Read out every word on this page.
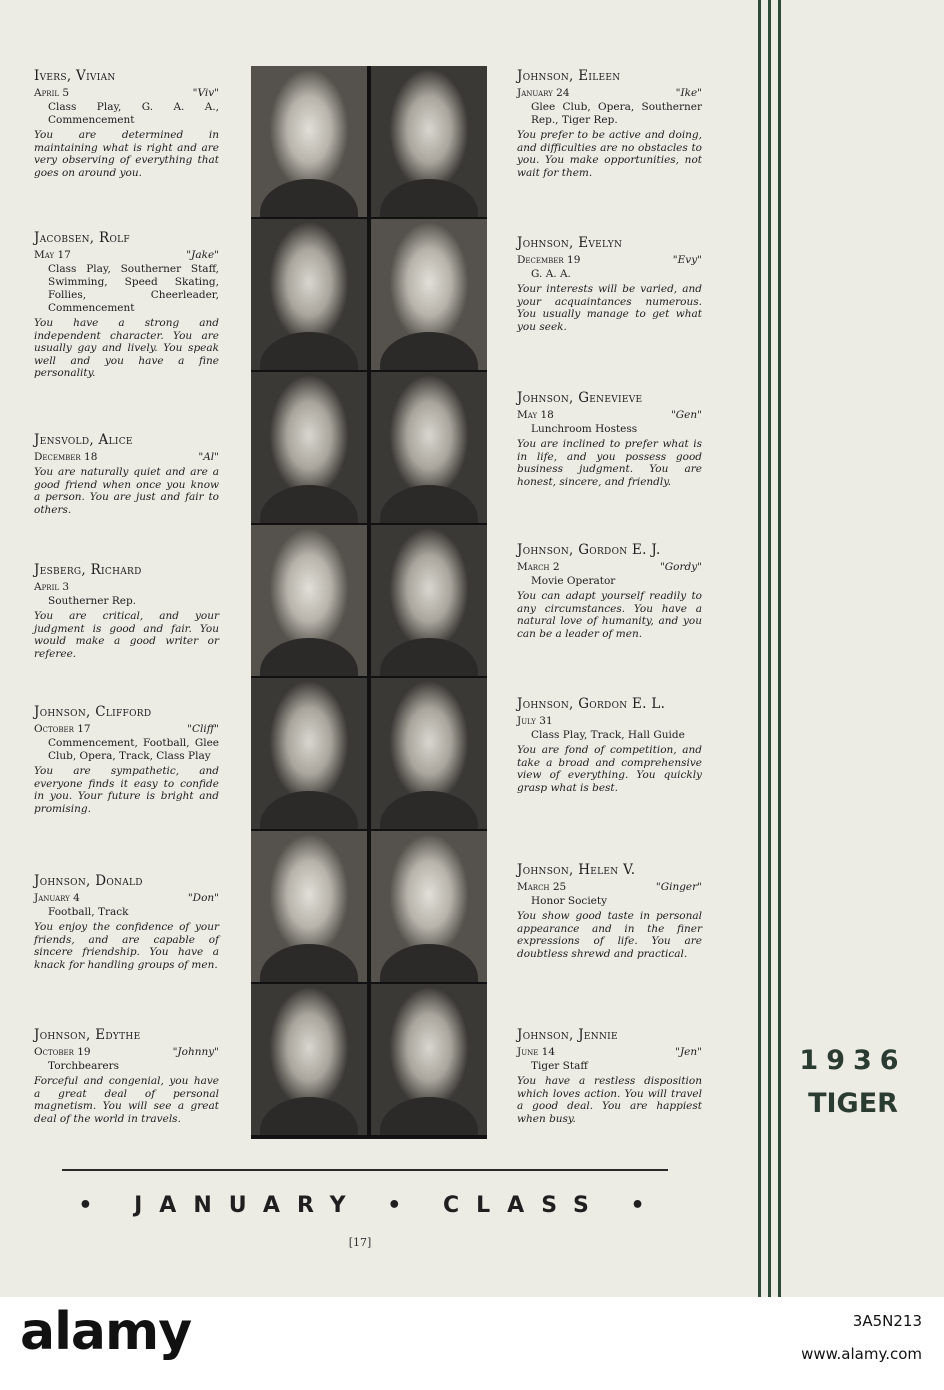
Ivers, Vivian
April 5	"Viv"
Class Play, G. A. A., Commencement
You are determined in maintaining what is right and are very observing of everything that goes on around you.
Jacobsen, Rolf
May 17	"Jake"
Class Play, Southerner Staff, Swimming, Speed Skating, Follies, Cheerleader, Commencement
You have a strong and independent character. You are usually gay and lively. You speak well and you have a fine personality.
Jensvold, Alice
December 18	"Al"
You are naturally quiet and are a good friend when once you know a person. You are just and fair to others.
Jesberg, Richard
April 3
Southerner Rep.
You are critical, and your judgment is good and fair. You would make a good writer or referee.
Johnson, Clifford
October 17	"Cliff"
Commencement, Football, Glee Club, Opera, Track, Class Play
You are sympathetic, and everyone finds it easy to confide in you. Your future is bright and promising.
Johnson, Donald
January 4	"Don"
Football, Track
You enjoy the confidence of your friends, and are capable of sincere friendship. You have a knack for handling groups of men.
Johnson, Edythe
October 19	"Johnny"
Torchbearers
Forceful and congenial, you have a great deal of personal magnetism. You will see a great deal of the world in travels.
Johnson, Eileen
January 24	"Ike"
Glee Club, Opera, Southerner Rep., Tiger Rep.
You prefer to be active and doing, and difficulties are no obstacles to you. You make opportunities, not wait for them.
Johnson, Evelyn
December 19	"Evy"
G. A. A.
Your interests will be varied, and your acquaintances numerous. You usually manage to get what you seek.
Johnson, Genevieve
May 18	"Gen"
Lunchroom Hostess
You are inclined to prefer what is in life, and you possess good business judgment. You are honest, sincere, and friendly.
Johnson, Gordon E. J.
March 2	"Gordy"
Movie Operator
You can adapt yourself readily to any circumstances. You have a natural love of humanity, and you can be a leader of men.
Johnson, Gordon E. L.
July 31
Class Play, Track, Hall Guide
You are fond of competition, and take a broad and comprehensive view of everything. You quickly grasp what is best.
Johnson, Helen V.
March 25	"Ginger"
Honor Society
You show good taste in personal appearance and in the finer expressions of life. You are doubtless shrewd and practical.
Johnson, Jennie
June 14	"Jen"
Tiger Staff
You have a restless disposition which loves action. You will travel a good deal. You are happiest when busy.
1936
TIGER
• JANUARY • CLASS •
[17]
alamy	3A5N213
www.alamy.com
